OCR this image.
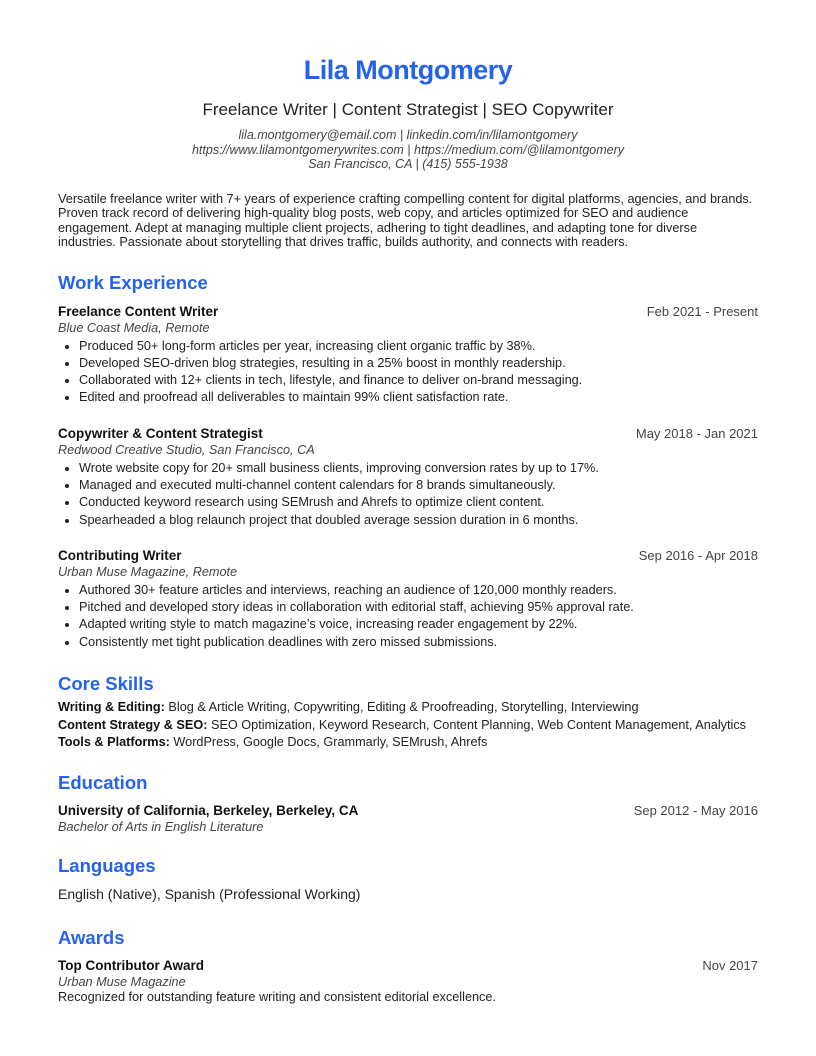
Lila Montgomery
Freelance Writer | Content Strategist | SEO Copywriter
lila.montgomery@email.com | linkedin.com/in/lilamontgomery
https://www.lilamontgomerywrites.com | https://medium.com/@lilamontgomery
San Francisco, CA | (415) 555-1938
Versatile freelance writer with 7+ years of experience crafting compelling content for digital platforms, agencies, and brands. Proven track record of delivering high-quality blog posts, web copy, and articles optimized for SEO and audience engagement. Adept at managing multiple client projects, adhering to tight deadlines, and adapting tone for diverse industries. Passionate about storytelling that drives traffic, builds authority, and connects with readers.
Work Experience
Freelance Content Writer	Feb 2021 - Present
Blue Coast Media, Remote
• Produced 50+ long-form articles per year, increasing client organic traffic by 38%.
• Developed SEO-driven blog strategies, resulting in a 25% boost in monthly readership.
• Collaborated with 12+ clients in tech, lifestyle, and finance to deliver on-brand messaging.
• Edited and proofread all deliverables to maintain 99% client satisfaction rate.
Copywriter & Content Strategist	May 2018 - Jan 2021
Redwood Creative Studio, San Francisco, CA
• Wrote website copy for 20+ small business clients, improving conversion rates by up to 17%.
• Managed and executed multi-channel content calendars for 8 brands simultaneously.
• Conducted keyword research using SEMrush and Ahrefs to optimize client content.
• Spearheaded a blog relaunch project that doubled average session duration in 6 months.
Contributing Writer	Sep 2016 - Apr 2018
Urban Muse Magazine, Remote
• Authored 30+ feature articles and interviews, reaching an audience of 120,000 monthly readers.
• Pitched and developed story ideas in collaboration with editorial staff, achieving 95% approval rate.
• Adapted writing style to match magazine’s voice, increasing reader engagement by 22%.
• Consistently met tight publication deadlines with zero missed submissions.
Core Skills
Writing & Editing: Blog & Article Writing, Copywriting, Editing & Proofreading, Storytelling, Interviewing
Content Strategy & SEO: SEO Optimization, Keyword Research, Content Planning, Web Content Management, Analytics
Tools & Platforms: WordPress, Google Docs, Grammarly, SEMrush, Ahrefs
Education
University of California, Berkeley, Berkeley, CA	Sep 2012 - May 2016
Bachelor of Arts in English Literature
Languages
English (Native), Spanish (Professional Working)
Awards
Top Contributor Award	Nov 2017
Urban Muse Magazine
Recognized for outstanding feature writing and consistent editorial excellence.
